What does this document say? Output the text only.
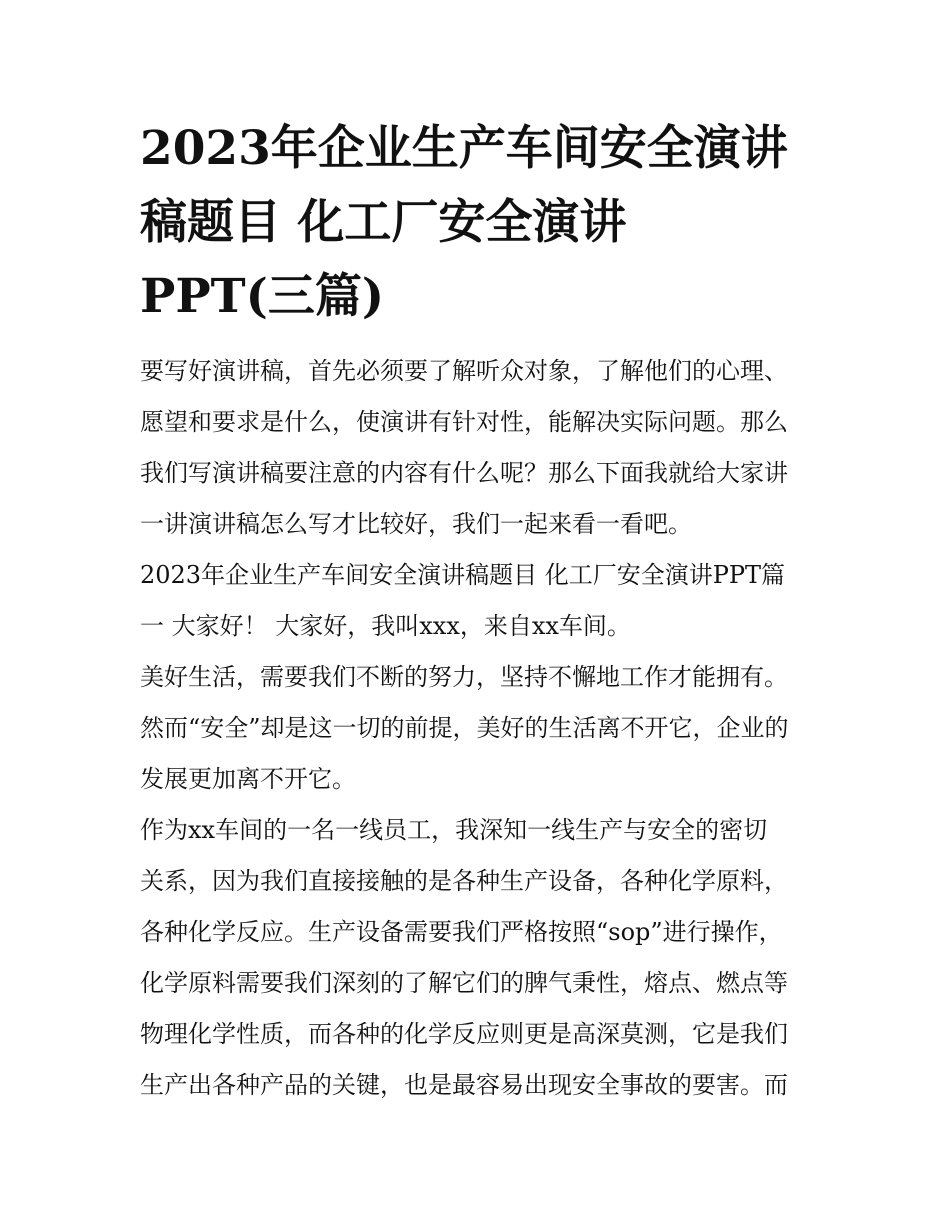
2023年企业生产车间安全演讲
稿题目 化工厂安全演讲
PPT(三篇)

要写好演讲稿，首先必须要了解听众对象，了解他们的心理、
愿望和要求是什么，使演讲有针对性，能解决实际问题。那么
我们写演讲稿要注意的内容有什么呢？那么下面我就给大家讲
一讲演讲稿怎么写才比较好，我们一起来看一看吧。

2023年企业生产车间安全演讲稿题目 化工厂安全演讲PPT篇
一 大家好！ 大家好，我叫xxx，来自xx车间。

美好生活，需要我们不断的努力，坚持不懈地工作才能拥有。
然而“安全”却是这一切的前提，美好的生活离不开它，企业的
发展更加离不开它。

作为xx车间的一名一线员工，我深知一线生产与安全的密切
关系，因为我们直接接触的是各种生产设备，各种化学原料，
各种化学反应。生产设备需要我们严格按照“sop”进行操作，
化学原料需要我们深刻的了解它们的脾气秉性，熔点、燃点等
物理化学性质，而各种的化学反应则更是高深莫测，它是我们
生产出各种产品的关键，也是最容易出现安全事故的要害。而
